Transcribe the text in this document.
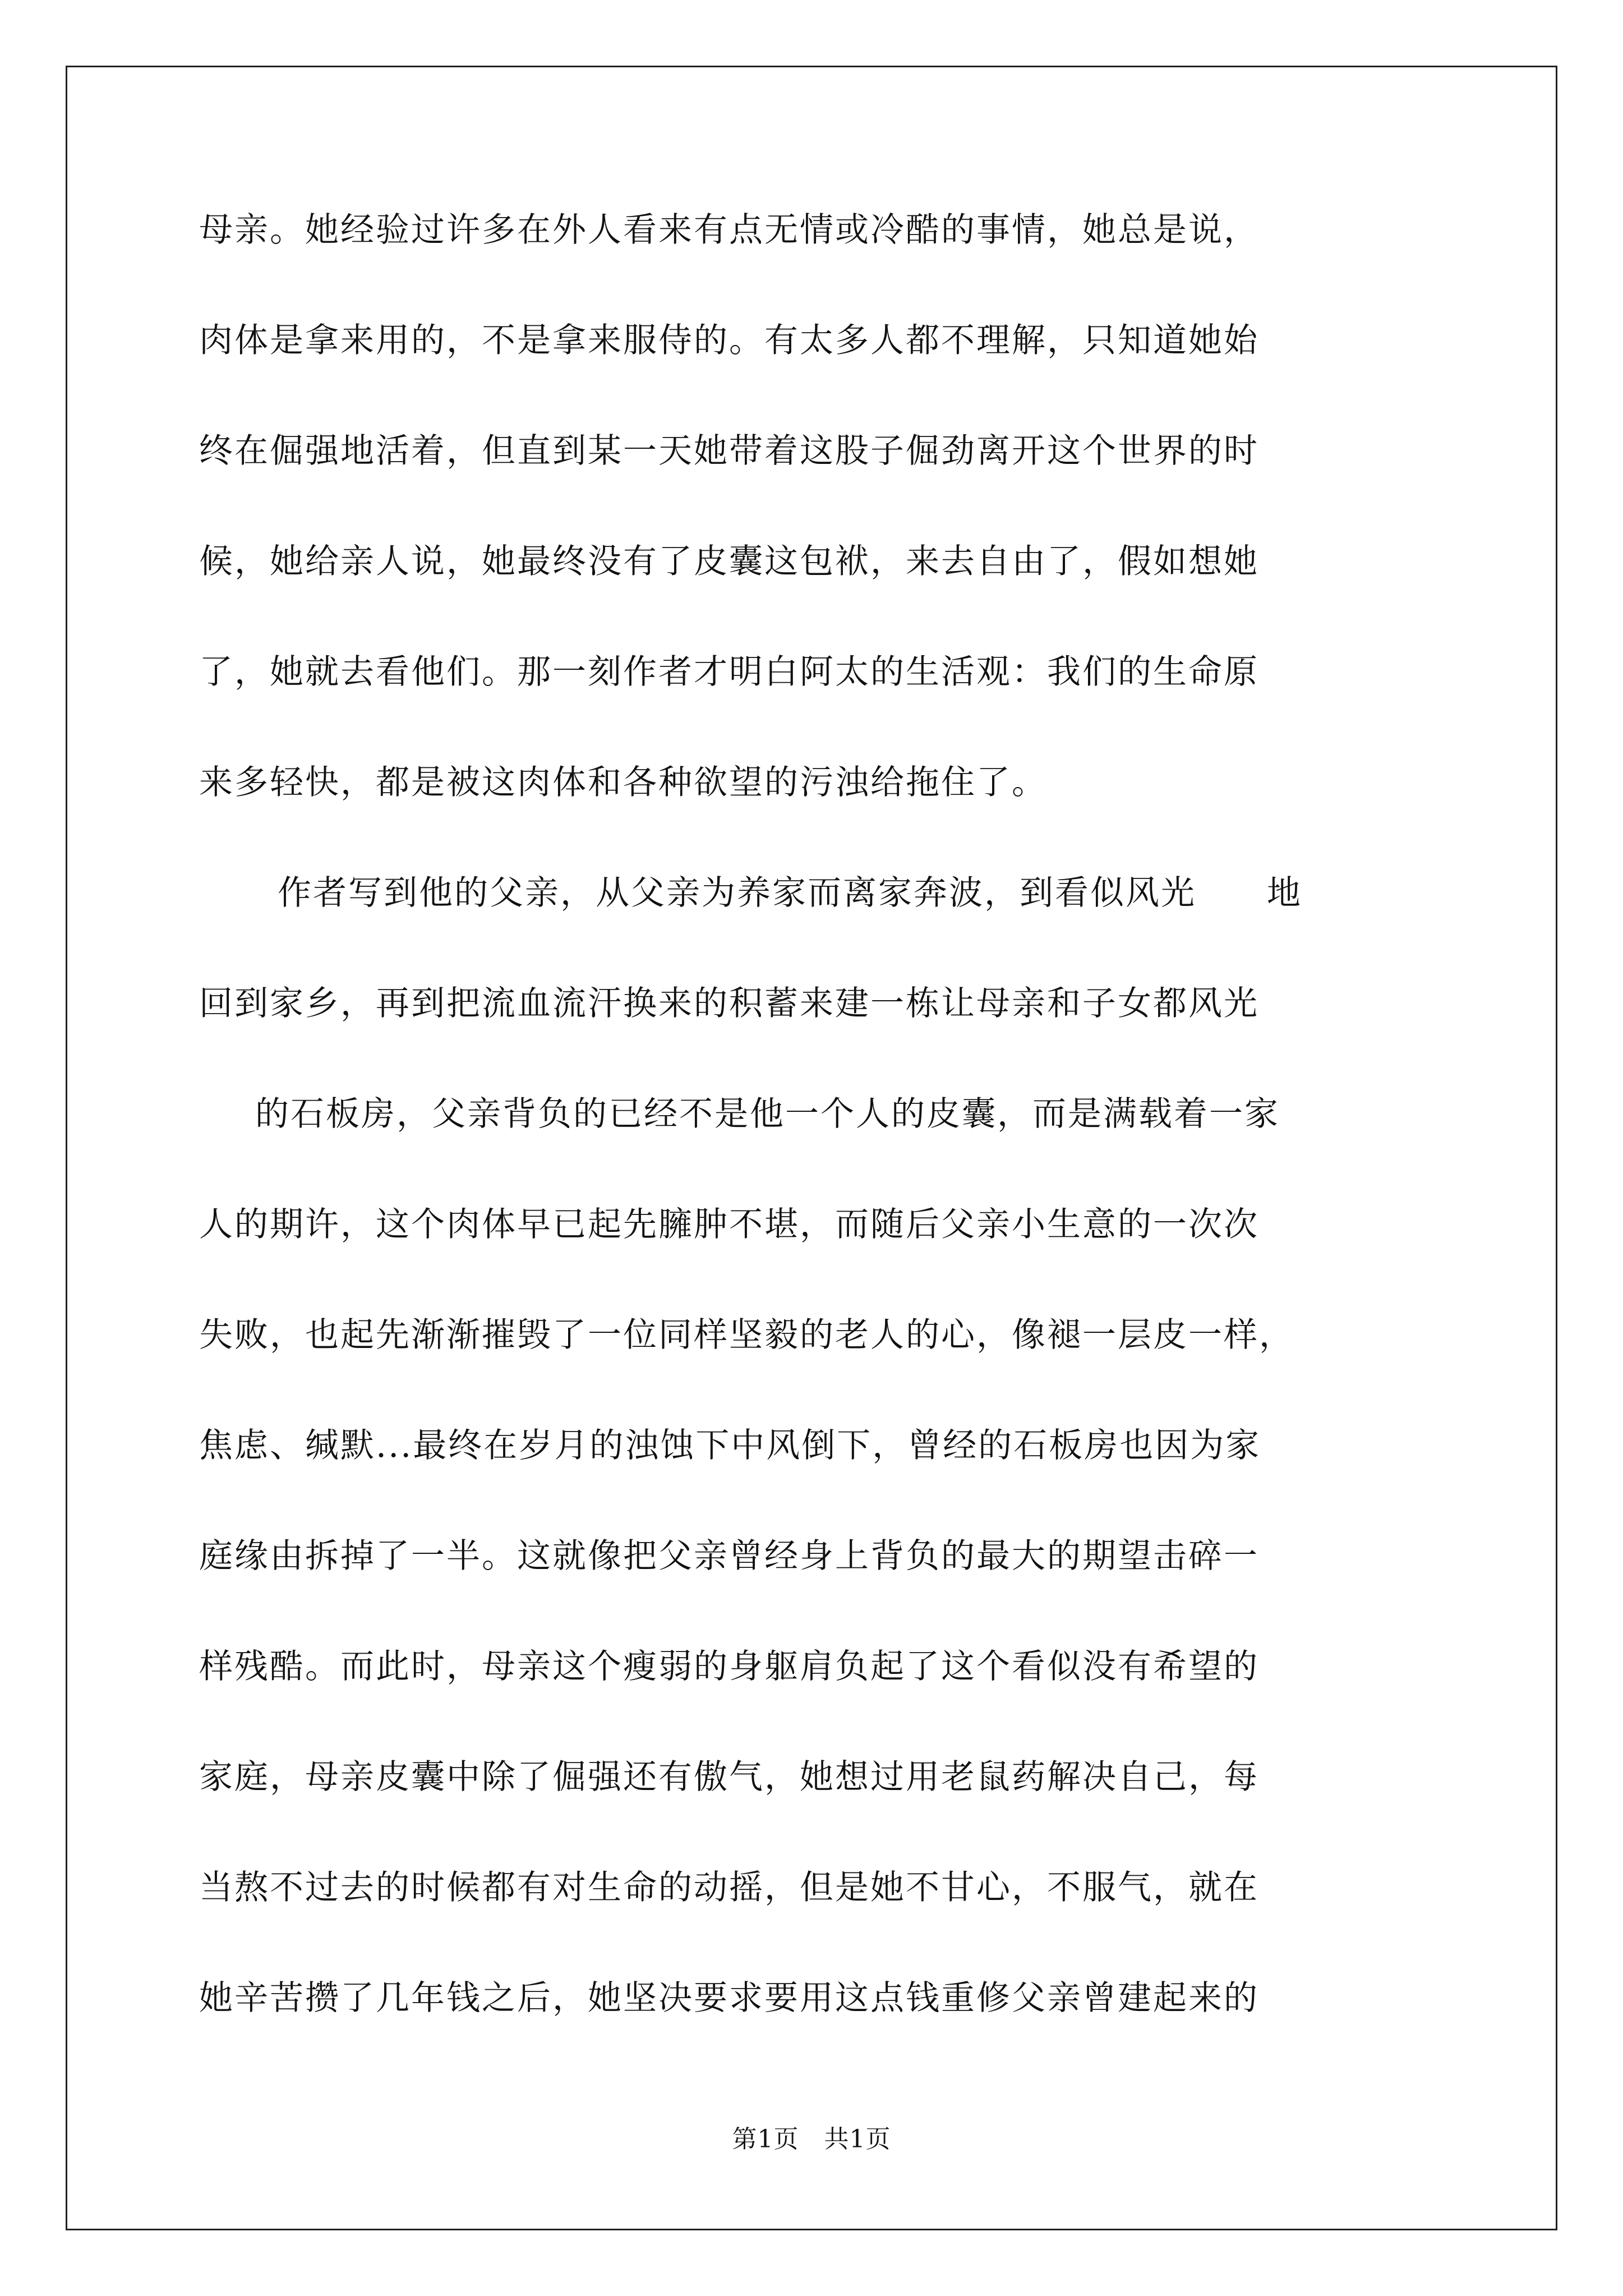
母亲。她经验过许多在外人看来有点无情或冷酷的事情，她总是说，
肉体是拿来用的，不是拿来服侍的。有太多人都不理解，只知道她始
终在倔强地活着，但直到某一天她带着这股子倔劲离开这个世界的时
候，她给亲人说，她最终没有了皮囊这包袱，来去自由了，假如想她
了，她就去看他们。那一刻作者才明白阿太的生活观：我们的生命原
来多轻快，都是被这肉体和各种欲望的污浊给拖住了。
作者写到他的父亲，从父亲为养家而离家奔波，到看似风光　　地
回到家乡，再到把流血流汗换来的积蓄来建一栋让母亲和子女都风光
的石板房，父亲背负的已经不是他一个人的皮囊，而是满载着一家
人的期许，这个肉体早已起先臃肿不堪，而随后父亲小生意的一次次
失败，也起先渐渐摧毁了一位同样坚毅的老人的心，像褪一层皮一样，
焦虑、缄默...最终在岁月的浊蚀下中风倒下，曾经的石板房也因为家
庭缘由拆掉了一半。这就像把父亲曾经身上背负的最大的期望击碎一
样残酷。而此时，母亲这个瘦弱的身躯肩负起了这个看似没有希望的
家庭，母亲皮囊中除了倔强还有傲气，她想过用老鼠药解决自己，每
当熬不过去的时候都有对生命的动摇，但是她不甘心，不服气，就在
她辛苦攒了几年钱之后，她坚决要求要用这点钱重修父亲曾建起来的
第1页　共1页
